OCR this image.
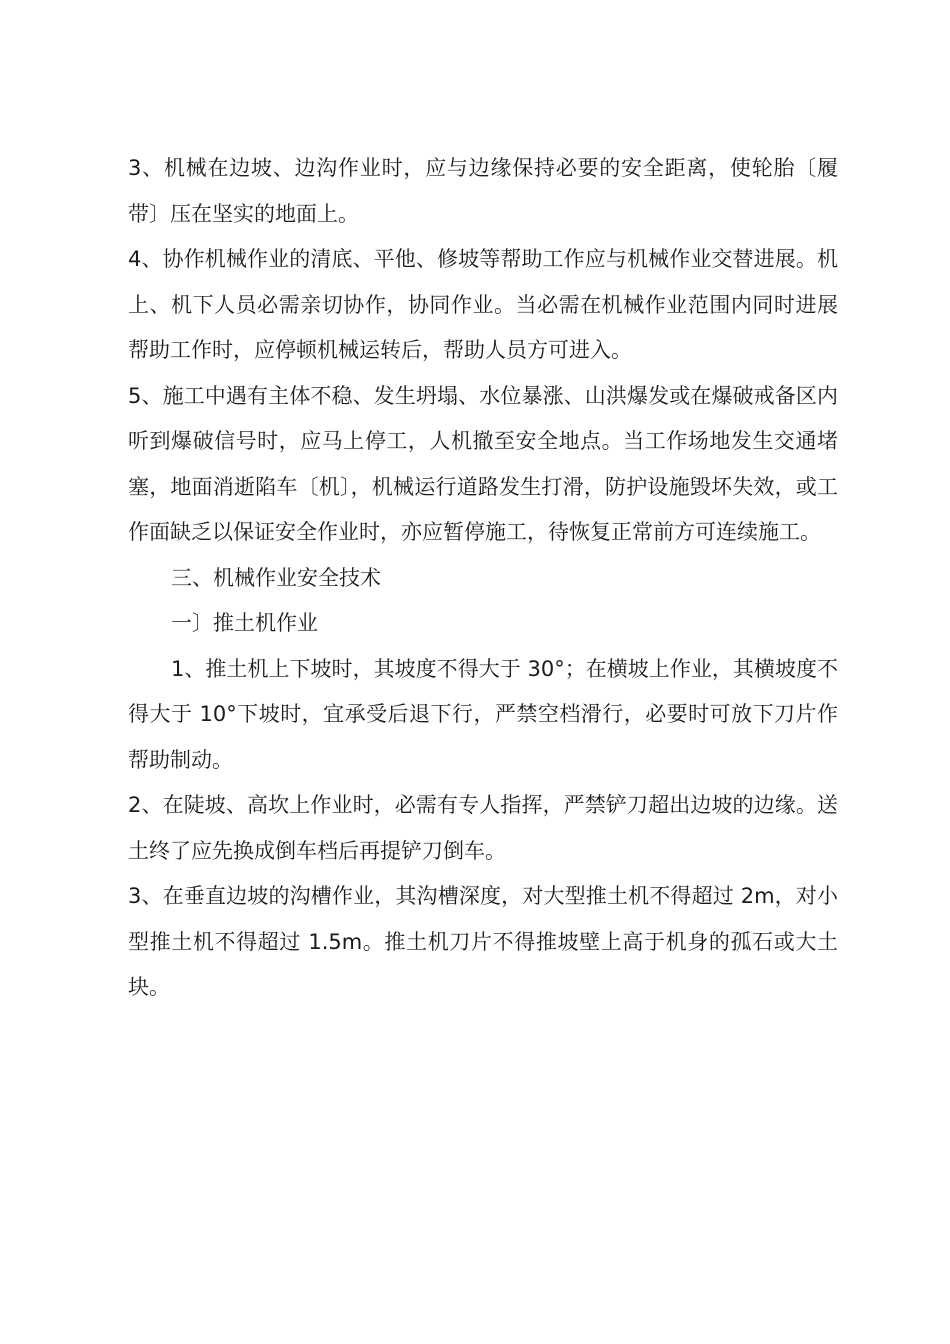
3、机械在边坡、边沟作业时，应与边缘保持必要的安全距离，使轮胎〔履带〕压在坚实的地面上。

4、协作机械作业的清底、平他、修坡等帮助工作应与机械作业交替进展。机上、机下人员必需亲切协作，协同作业。当必需在机械作业范围内同时进展帮助工作时，应停顿机械运转后，帮助人员方可进入。

5、施工中遇有主体不稳、发生坍塌、水位暴涨、山洪爆发或在爆破戒备区内听到爆破信号时，应马上停工，人机撤至安全地点。当工作场地发生交通堵塞，地面消逝陷车〔机〕，机械运行道路发生打滑，防护设施毁坏失效，或工作面缺乏以保证安全作业时，亦应暂停施工，待恢复正常前方可连续施工。

三、机械作业安全技术

一〕推土机作业

1、推土机上下坡时，其坡度不得大于 30°；在横坡上作业，其横坡度不得大于 10°下坡时，宜承受后退下行，严禁空档滑行，必要时可放下刀片作帮助制动。

2、在陡坡、高坎上作业时，必需有专人指挥，严禁铲刀超出边坡的边缘。送土终了应先换成倒车档后再提铲刀倒车。

3、在垂直边坡的沟槽作业，其沟槽深度，对大型推土机不得超过 2m，对小型推土机不得超过 1.5m。推土机刀片不得推坡壁上高于机身的孤石或大土块。
